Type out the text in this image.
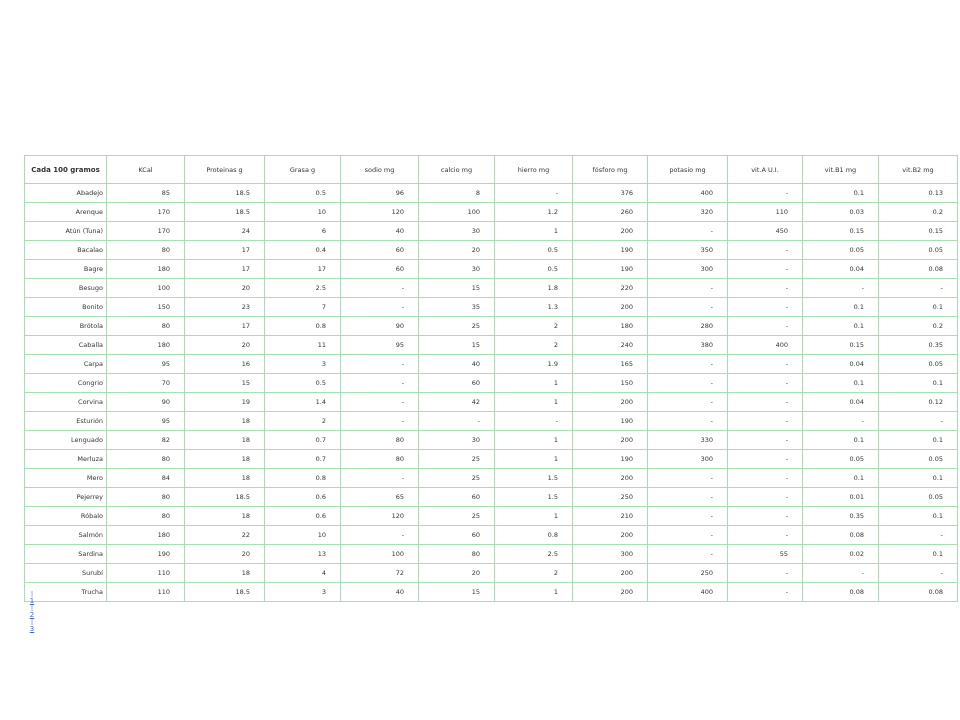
Cada 100 gramos	KCal	Proteinas g	Grasa g	sodio mg	calcio mg	hierro mg	fósforo mg	potasio mg	vit.A U.I.	vit.B1 mg	vit.B2 mg
Abadejo	85	18.5	0.5	96	8	-	376	400	-	0.1	0.13
Arenque	170	18.5	10	120	100	1.2	260	320	110	0.03	0.2
Atún (Tuna)	170	24	6	40	30	1	200	-	450	0.15	0.15
Bacalao	80	17	0.4	60	20	0.5	190	350	-	0.05	0.05
Bagre	180	17	17	60	30	0.5	190	300	-	0.04	0.08
Besugo	100	20	2.5	-	15	1.8	220	-	-	-	-
Bonito	150	23	7	-	35	1.3	200	-	-	0.1	0.1
Brótola	80	17	0.8	90	25	2	180	280	-	0.1	0.2
Caballa	180	20	11	95	15	2	240	380	400	0.15	0.35
Carpa	95	16	3	-	40	1.9	165	-	-	0.04	0.05
Congrio	70	15	0.5	-	60	1	150	-	-	0.1	0.1
Corvina	90	19	1.4	-	42	1	200	-	-	0.04	0.12
Esturión	95	18	2	-	-	-	190	-	-	-	-
Lenguado	82	18	0.7	80	30	1	200	330	-	0.1	0.1
Merluza	80	18	0.7	80	25	1	190	300	-	0.05	0.05
Mero	84	18	0.8	-	25	1.5	200	-	-	0.1	0.1
Pejerrey	80	18.5	0.6	65	60	1.5	250	-	-	0.01	0.05
Róbalo	80	18	0.6	120	25	1	210	-	-	0.35	0.1
Salmón	180	22	10	-	60	0.8	200	-	-	0.08	-
Sardina	190	20	13	100	80	2.5	300	-	55	0.02	0.1
Surubí	110	18	4	72	20	2	200	250	-	-	-
Trucha	110	18.5	3	40	15	1	200	400	-	0.08	0.08
|
1
|
2
|
3
